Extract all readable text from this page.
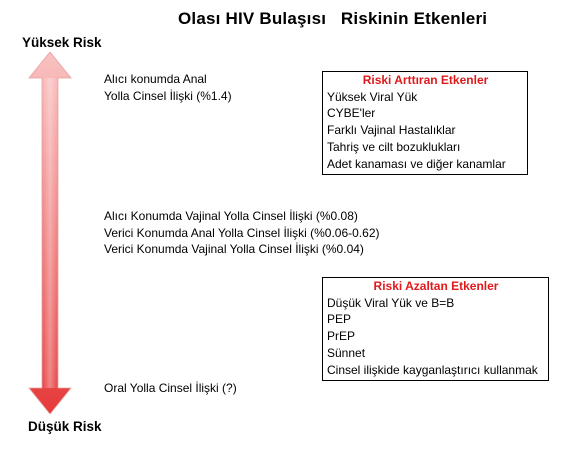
Olası HIV Bulaşısı   Riskinin Etkenleri
Yüksek Risk
Düşük Risk
Alıcı konumda Anal
Yolla Cinsel İlişki (%1.4)
Alıcı Konumda Vajinal Yolla Cinsel İlişki (%0.08)
Verici Konumda Anal Yolla Cinsel İlişki (%0.06-0.62)
Verici Konumda Vajinal Yolla Cinsel İlişki (%0.04)
Oral Yolla Cinsel İlişki (?)
Riski Arttıran Etkenler
Yüksek Viral Yük
CYBE'ler
Farklı Vajinal Hastalıklar
Tahriş ve cilt bozuklukları
Adet kanaması ve diğer kanamlar
Riski Azaltan Etkenler
Düşük Viral Yük ve B=B
PEP
PrEP
Sünnet
Cinsel ilişkide kayganlaştırıcı kullanmak
